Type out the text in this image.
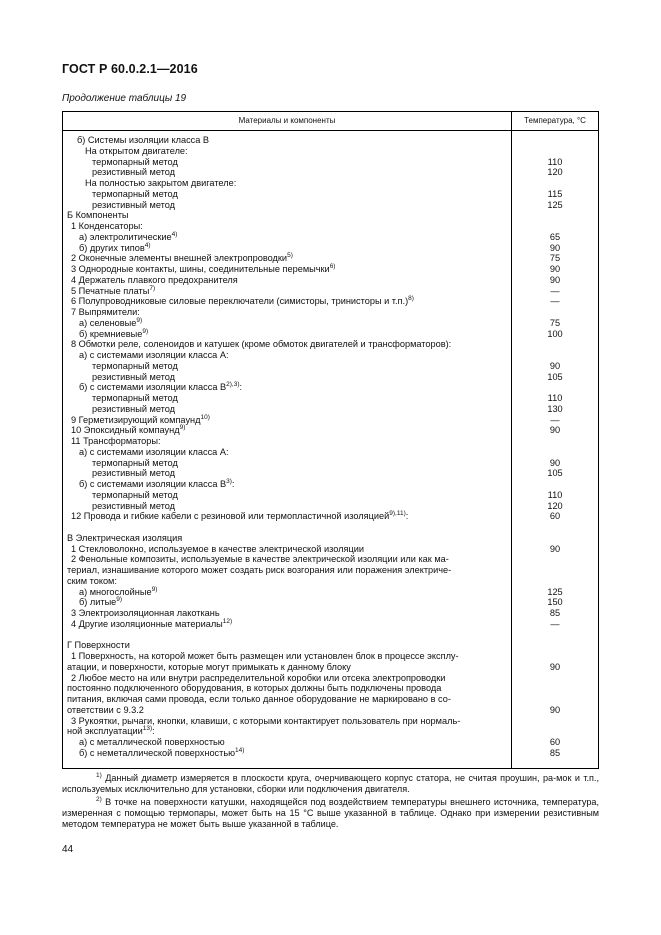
ГОСТ Р 60.0.2.1—2016
Продолжение таблицы 19
Материалы и компоненты	Температура, °С
б) Системы изоляции класса В
На открытом двигателе:
термопарный метод	110
резистивный метод	120
На полностью закрытом двигателе:
термопарный метод	115
резистивный метод	125
Б Компоненты
1 Конденсаторы:
а) электролитические$^{4)}$	65
б) других типов$^{4)}$	90
2 Оконечные элементы внешней электропроводки$^{5)}$	75
3 Однородные контакты, шины, соединительные перемычки$^{6)}$	90
4 Держатель плавкого предохранителя	90
5 Печатные платы$^{7)}$	—
6 Полупроводниковые силовые переключатели (симисторы, тринисторы и т.п.)$^{8)}$	—
7 Выпрямители:
а) селеновые$^{9)}$	75
б) кремниевые$^{9)}$	100
8 Обмотки реле, соленоидов и катушек (кроме обмоток двигателей и трансформаторов):
а) с системами изоляции класса А:
термопарный метод	90
резистивный метод	105
б) с системами изоляции класса $В^{2),3)}$:
термопарный метод	110
резистивный метод	130
9 Герметизирующий компаунд$^{10)}$	—
10 Эпоксидный компаунд$^{9)}$	90
11 Трансформаторы:
а) с системами изоляции класса А:
термопарный метод	90
резистивный метод	105
б) с системами изоляции класса $В^{3)}$:
термопарный метод	110
резистивный метод	120
12 Провода и гибкие кабели с резиновой или термопластичной изоляцией$^{9),11)}$:	60
В Электрическая изоляция
1 Стекловолокно, используемое в качестве электрической изоляции	90
2 Фенольные композиты, используемые в качестве электрической изоляции или как ма-
териал, изнашивание которого может создать риск возгорания или поражения электриче-
ским током:
а) многослойные$^{9)}$	125
б) литые$^{9)}$	150
3 Электроизоляционная лакоткань	85
4 Другие изоляционные материалы$^{12)}$	—
Г Поверхности
1 Поверхность, на которой может быть размещен или установлен блок в процессе эксплу-
атации, и поверхности, которые могут примыкать к данному блоку	90
2 Любое место на или внутри распределительной коробки или отсека электропроводки
постоянно подключенного оборудования, в которых должны быть подключены провода
питания, включая сами провода, если только данное оборудование не маркировано в со-
ответствии с 9.3.2	90
3 Рукоятки, рычаги, кнопки, клавиши, с которыми контактирует пользователь при нормаль-
ной эксплуатации$^{13)}$:
а) с металлической поверхностью	60
б) с неметаллической поверхностью$^{14)}$	85
$^{1)}$ Данный диаметр измеряется в плоскости круга, очерчивающего корпус статора, не считая проушин, ра-мок и т.п., используемых исключительно для установки, сборки или подключения двигателя.
$^{2)}$ В точке на поверхности катушки, находящейся под воздействием температуры внешнего источника, температура, измеренная с помощью термопары, может быть на 15 °С выше указанной в таблице. Однако при измерении резистивным методом температура не может быть выше указанной в таблице.
44
